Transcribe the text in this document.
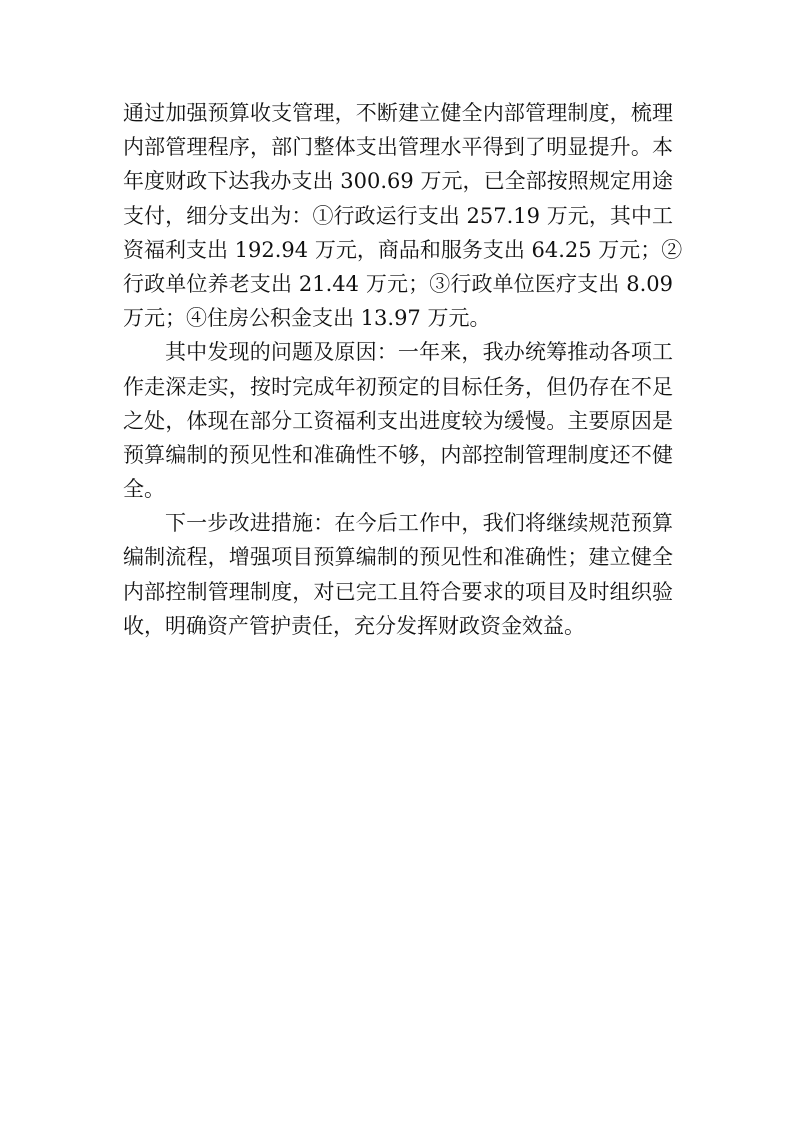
通过加强预算收支管理，不断建立健全内部管理制度，梳理
内部管理程序，部门整体支出管理水平得到了明显提升。本
年度财政下达我办支出 300.69 万元，已全部按照规定用途
支付，细分支出为：①行政运行支出 257.19 万元，其中工
资福利支出 192.94 万元，商品和服务支出 64.25 万元；②
行政单位养老支出 21.44 万元；③行政单位医疗支出 8.09
万元；④住房公积金支出 13.97 万元。
其中发现的问题及原因：一年来，我办统筹推动各项工
作走深走实，按时完成年初预定的目标任务，但仍存在不足
之处，体现在部分工资福利支出进度较为缓慢。主要原因是
预算编制的预见性和准确性不够，内部控制管理制度还不健
全。
下一步改进措施：在今后工作中，我们将继续规范预算
编制流程，增强项目预算编制的预见性和准确性；建立健全
内部控制管理制度，对已完工且符合要求的项目及时组织验
收，明确资产管护责任，充分发挥财政资金效益。
